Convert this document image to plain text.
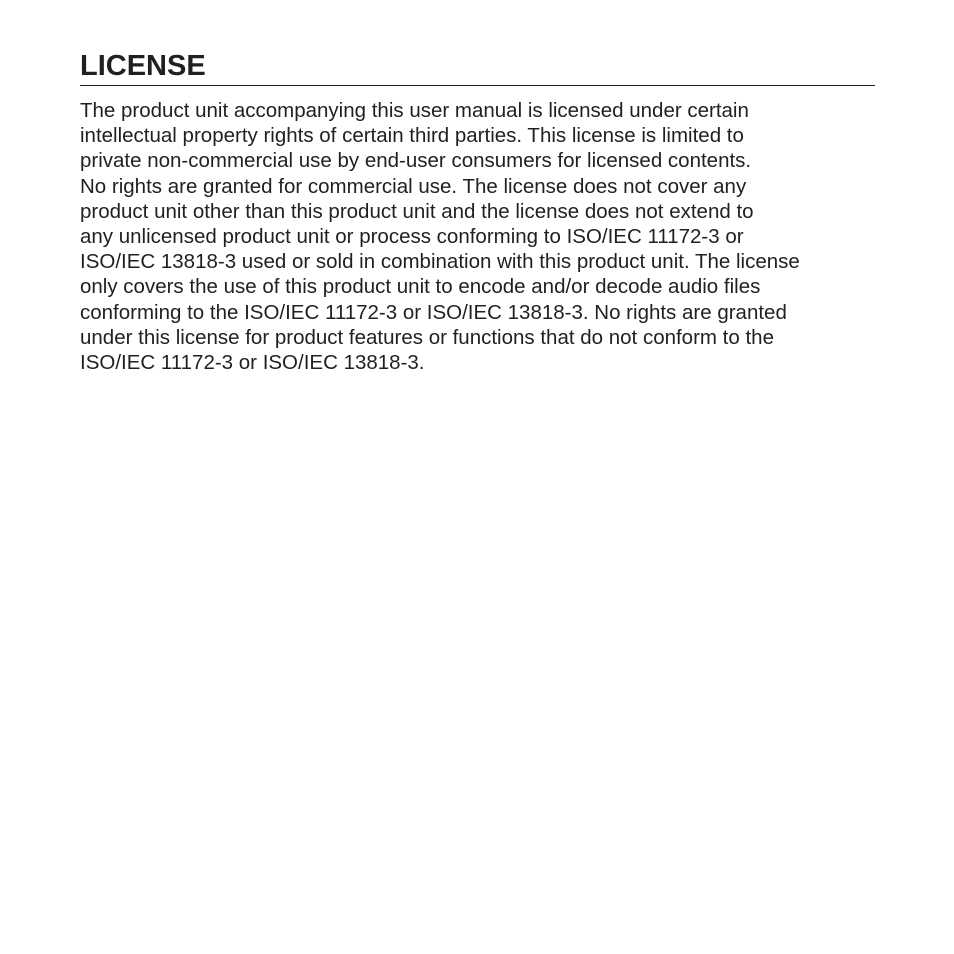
LICENSE
The product unit accompanying this user manual is licensed under certain
intellectual property rights of certain third parties. This license is limited to
private non-commercial use by end-user consumers for licensed contents.
No rights are granted for commercial use. The license does not cover any
product unit other than this product unit and the license does not extend to
any unlicensed product unit or process conforming to ISO/IEC 11172-3 or
ISO/IEC 13818-3 used or sold in combination with this product unit. The license
only covers the use of this product unit to encode and/or decode audio files
conforming to the ISO/IEC 11172-3 or ISO/IEC 13818-3. No rights are granted
under this license for product features or functions that do not conform to the
ISO/IEC 11172-3 or ISO/IEC 13818-3.
